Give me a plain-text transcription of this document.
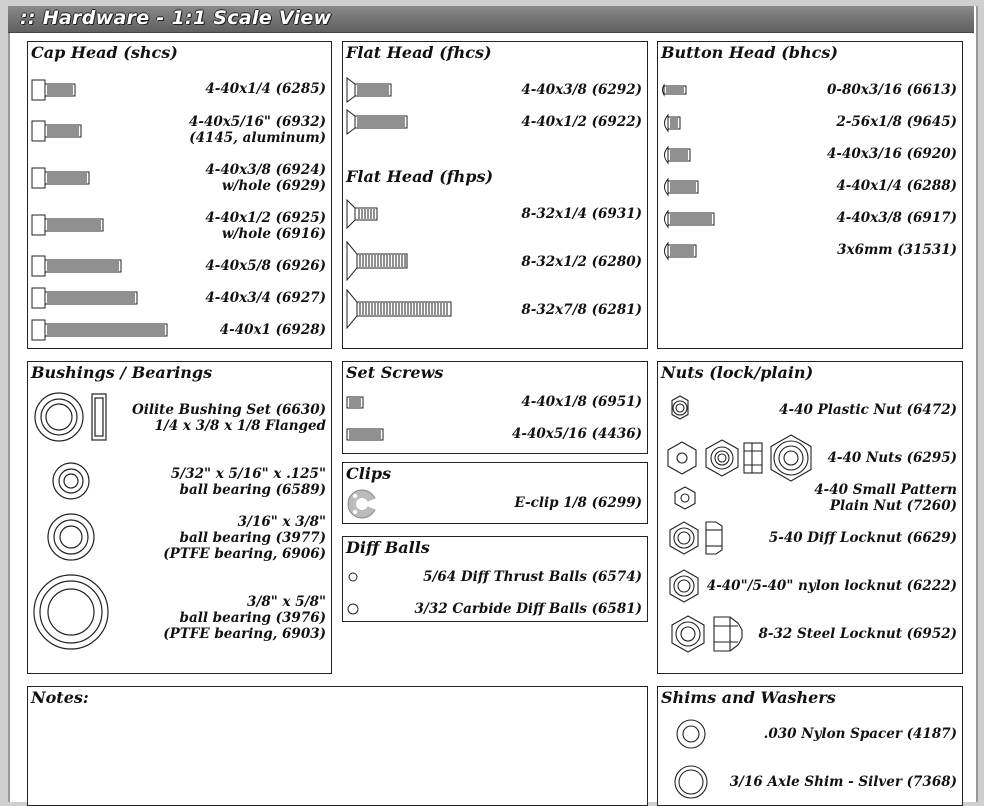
:: Hardware - 1:1 Scale View
Cap Head (shcs)
4-40x1/4 (6285)
4-40x5/16" (6932)
(4145, aluminum)
4-40x3/8 (6924)
w/hole (6929)
4-40x1/2 (6925)
w/hole (6916)
4-40x5/8 (6926)
4-40x3/4 (6927)
4-40x1 (6928)
Flat Head (fhcs)
4-40x3/8 (6292)
4-40x1/2 (6922)
Flat Head (fhps)
8-32x1/4 (6931)
8-32x1/2 (6280)
8-32x7/8 (6281)
Button Head (bhcs)
0-80x3/16 (6613)
2-56x1/8 (9645)
4-40x3/16 (6920)
4-40x1/4 (6288)
4-40x3/8 (6917)
3x6mm (31531)
Bushings / Bearings
Oilite Bushing Set (6630)
1/4 x 3/8 x 1/8 Flanged
5/32" x 5/16" x .125"
ball bearing (6589)
3/16" x 3/8"
ball bearing (3977)
(PTFE bearing, 6906)
3/8" x 5/8"
ball bearing (3976)
(PTFE bearing, 6903)
Set Screws
4-40x1/8 (6951)
4-40x5/16 (4436)
Clips
E-clip 1/8 (6299)
Diff Balls
5/64 Diff Thrust Balls (6574)
3/32 Carbide Diff Balls (6581)
Nuts (lock/plain)
4-40 Plastic Nut (6472)
4-40 Nuts (6295)
4-40 Small Pattern
Plain Nut (7260)
5-40 Diff Locknut (6629)
4-40"/5-40" nylon locknut (6222)
8-32 Steel Locknut (6952)
Notes:	Shims and Washers
.030 Nylon Spacer (4187)
3/16 Axle Shim - Silver (7368)
